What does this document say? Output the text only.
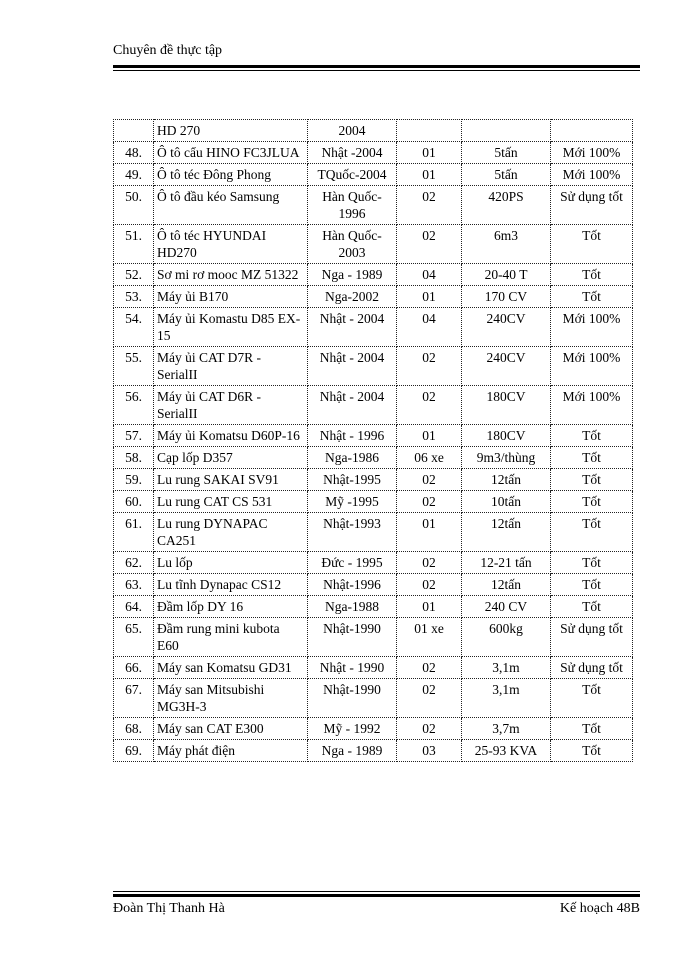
Chuyên đề thực tập
	HD 270	2004			
48.	Ô tô cẩu HINO FC3JLUA	Nhật -2004	01	5tấn	Mới 100%
49.	Ô tô téc Đông Phong	TQuốc-2004	01	5tấn	Mới 100%
50.	Ô tô đầu kéo Samsung	Hàn Quốc-1996	02	420PS	Sử dụng tốt
51.	Ô tô téc HYUNDAI HD270	Hàn Quốc-2003	02	6m3	Tốt
52.	Sơ mi rơ mooc MZ 51322	Nga - 1989	04	20-40 T	Tốt
53.	Máy ủi B170	Nga-2002	01	170 CV	Tốt
54.	Máy ủi Komastu D85 EX-15	Nhật - 2004	04	240CV	Mới 100%
55.	Máy ủi CAT D7R - SerialII	Nhật - 2004	02	240CV	Mới 100%
56.	Máy ủi CAT D6R - SerialII	Nhật - 2004	02	180CV	Mới 100%
57.	Máy ủi Komatsu D60P-16	Nhật - 1996	01	180CV	Tốt
58.	Cạp lốp D357	Nga-1986	06 xe	9m3/thùng	Tốt
59.	Lu rung SAKAI SV91	Nhật-1995	02	12tấn	Tốt
60.	Lu rung CAT CS 531	Mỹ -1995	02	10tấn	Tốt
61.	Lu rung DYNAPAC CA251	Nhật-1993	01	12tấn	Tốt
62.	Lu lốp	Đức - 1995	02	12-21 tấn	Tốt
63.	Lu tĩnh Dynapac CS12	Nhật-1996	02	12tấn	Tốt
64.	Đầm lốp DY 16	Nga-1988	01	240 CV	Tốt
65.	Đầm rung mini kubota E60	Nhật-1990	01 xe	600kg	Sử dụng tốt
66.	Máy san Komatsu GD31	Nhật - 1990	02	3,1m	Sử dụng tốt
67.	Máy san Mitsubishi MG3H-3	Nhật-1990	02	3,1m	Tốt
68.	Máy san CAT E300	Mỹ - 1992	02	3,7m	Tốt
69.	Máy phát điện	Nga - 1989	03	25-93 KVA	Tốt
Đoàn Thị Thanh Hà	Kế hoạch 48B
